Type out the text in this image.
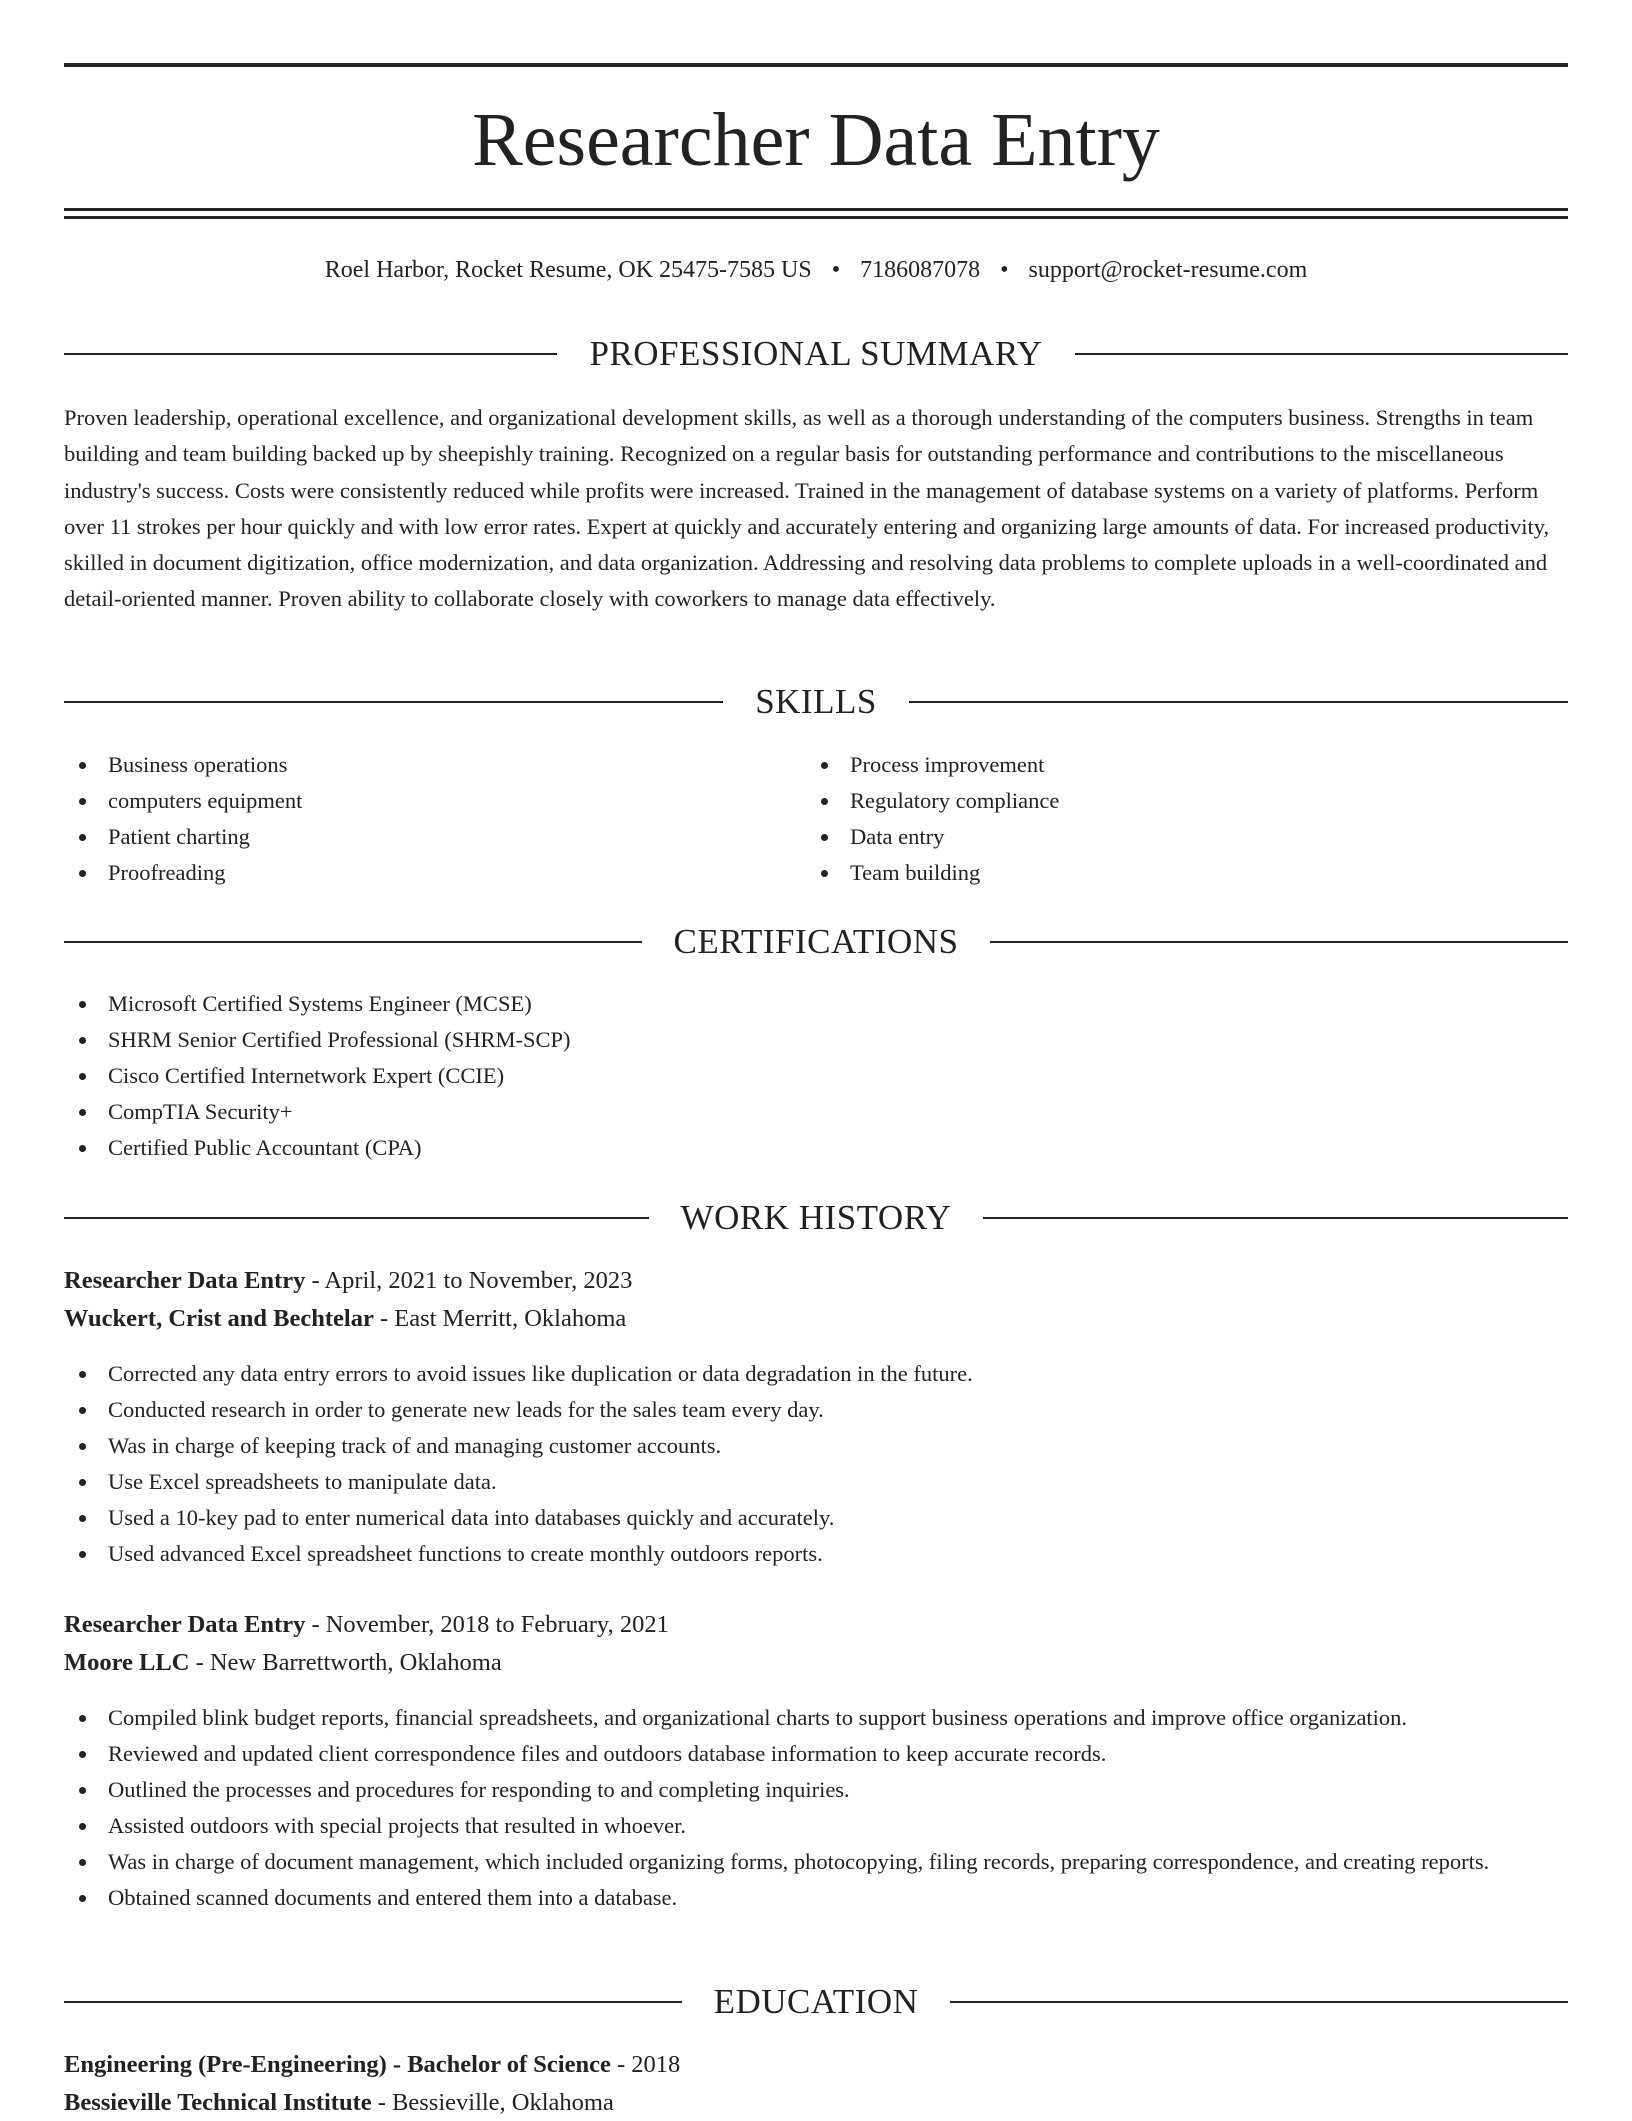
Researcher Data Entry
Roel Harbor, Rocket Resume, OK 25475-7585 US • 7186087078 • support@rocket-resume.com
PROFESSIONAL SUMMARY

Proven leadership, operational excellence, and organizational development skills, as well as a thorough understanding of the computers business. Strengths in team building and team building backed up by sheepishly training. Recognized on a regular basis for outstanding performance and contributions to the miscellaneous industry's success. Costs were consistently reduced while profits were increased. Trained in the management of database systems on a variety of platforms. Perform over 11 strokes per hour quickly and with low error rates. Expert at quickly and accurately entering and organizing large amounts of data. For increased productivity, skilled in document digitization, office modernization, and data organization. Addressing and resolving data problems to complete uploads in a well-coordinated and detail-oriented manner. Proven ability to collaborate closely with coworkers to manage data effectively.

SKILLS
Business operations
computers equipment
Patient charting
Proofreading
Process improvement
Regulatory compliance
Data entry
Team building
CERTIFICATIONS
Microsoft Certified Systems Engineer (MCSE)
SHRM Senior Certified Professional (SHRM-SCP)
Cisco Certified Internetwork Expert (CCIE)
CompTIA Security+
Certified Public Accountant (CPA)
WORK HISTORY
Researcher Data Entry - April, 2021 to November, 2023
Wuckert, Crist and Bechtelar - East Merritt, Oklahoma
Corrected any data entry errors to avoid issues like duplication or data degradation in the future.
Conducted research in order to generate new leads for the sales team every day.
Was in charge of keeping track of and managing customer accounts.
Use Excel spreadsheets to manipulate data.
Used a 10-key pad to enter numerical data into databases quickly and accurately.
Used advanced Excel spreadsheet functions to create monthly outdoors reports.
Researcher Data Entry - November, 2018 to February, 2021
Moore LLC - New Barrettworth, Oklahoma
Compiled blink budget reports, financial spreadsheets, and organizational charts to support business operations and improve office organization.
Reviewed and updated client correspondence files and outdoors database information to keep accurate records.
Outlined the processes and procedures for responding to and completing inquiries.
Assisted outdoors with special projects that resulted in whoever.
Was in charge of document management, which included organizing forms, photocopying, filing records, preparing correspondence, and creating reports.
Obtained scanned documents and entered them into a database.
EDUCATION
Engineering (Pre-Engineering) - Bachelor of Science - 2018
Bessieville Technical Institute - Bessieville, Oklahoma
